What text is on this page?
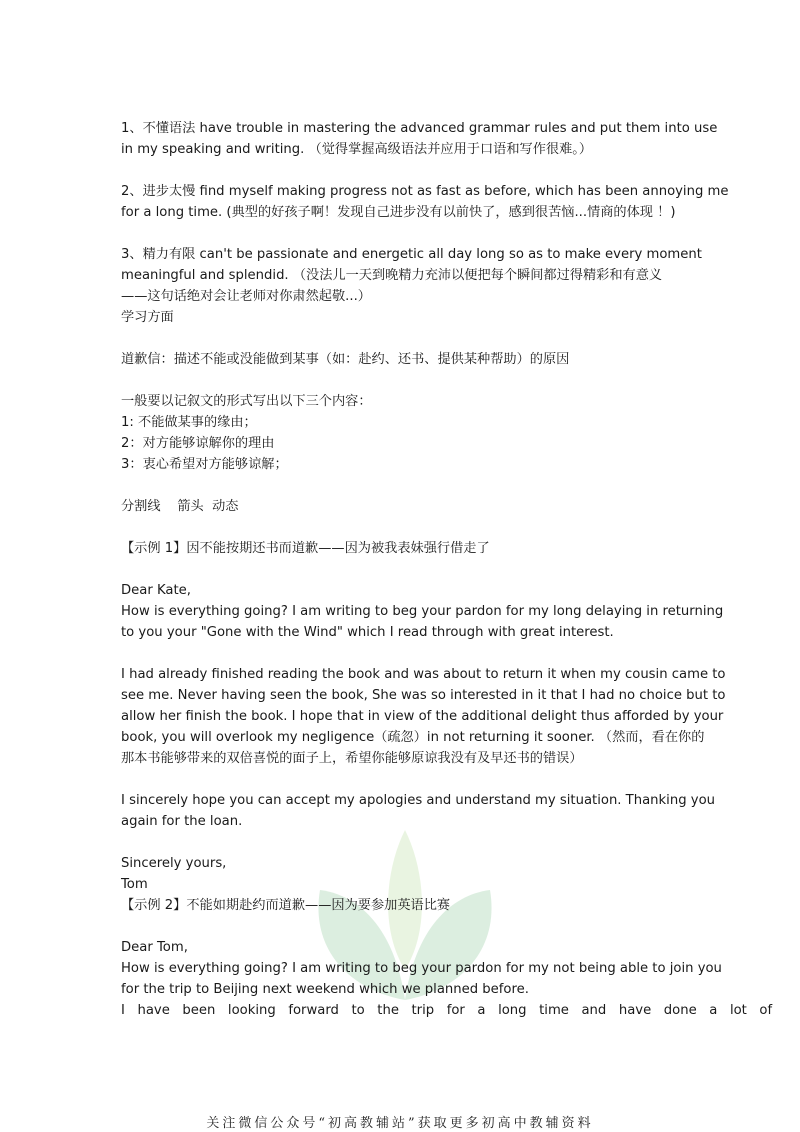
1、不懂语法 have trouble in mastering the advanced grammar rules and put them into use
in my speaking and writing. （觉得掌握高级语法并应用于口语和写作很难。）
2、进步太慢 find myself making progress not as fast as before, which has been annoying me
for a long time. (典型的好孩子啊！发现自己进步没有以前快了，感到很苦恼...情商的体现 ！)
3、精力有限 can't be passionate and energetic all day long so as to make every moment
meaningful and splendid. （没法儿一天到晚精力充沛以便把每个瞬间都过得精彩和有意义
——这句话绝对会让老师对你肃然起敬...）
学习方面
道歉信：描述不能或没能做到某事（如：赴约、还书、提供某种帮助）的原因
一般要以记叙文的形式写出以下三个内容：
1: 不能做某事的缘由；
2：对方能够谅解你的理由
3：衷心希望对方能够谅解；
分割线    箭头  动态
【示例 1】因不能按期还书而道歉——因为被我表妹强行借走了
Dear Kate,
How is everything going? I am writing to beg your pardon for my long delaying in returning
to you your "Gone with the Wind" which I read through with great interest.
I had already finished reading the book and was about to return it when my cousin came to
see me. Never having seen the book, She was so interested in it that I had no choice but to
allow her finish the book. I hope that in view of the additional delight thus afforded by your
book, you will overlook my negligence（疏忽）in not returning it sooner. （然而，看在你的
那本书能够带来的双倍喜悦的面子上，希望你能够原谅我没有及早还书的错误）
I sincerely hope you can accept my apologies and understand my situation. Thanking you
again for the loan.
Sincerely yours,
Tom
【示例 2】不能如期赴约而道歉——因为要参加英语比赛
Dear Tom,
How is everything going? I am writing to beg your pardon for my not being able to join you
for the trip to Beijing next weekend which we planned before.
I   have   been   looking   forward   to   the   trip   for   a   long   time   and   have   done   a   lot   of
关注微信公众号“初高教辅站”获取更多初高中教辅资料
